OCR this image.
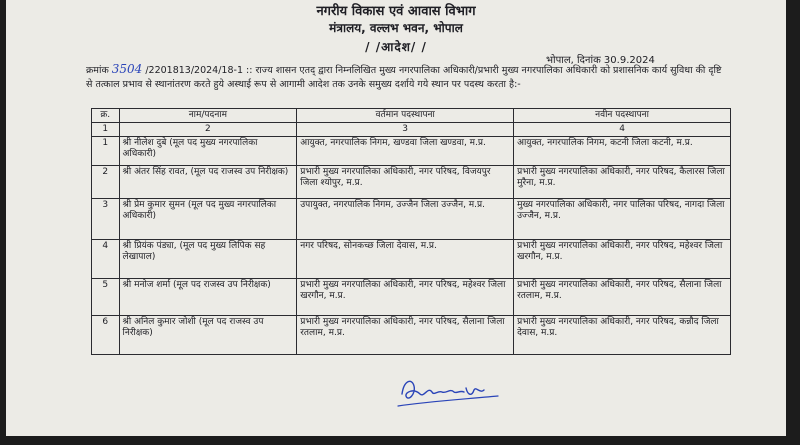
नगरीय विकास एवं आवास विभाग
मंत्रालय, वल्लभ भवन, भोपाल
/ /आदेश/ /
भोपाल, दिनांक 30.9.2024
क्रमांक 3504 /2201813/2024/18-1 :: राज्य शासन एतद् द्वारा निम्नलिखित मुख्य नगरपालिका अधिकारी/प्रभारी मुख्य नगरपालिका अधिकारी को प्रशासनिक कार्य सुविधा की दृष्टि से तत्काल प्रभाव से स्थानांतरण करते हुये अस्थाई रूप से आगामी आदेश तक उनके समुख्य दर्शाये गये स्थान पर पदस्थ करता है:-
क्र.	नाम/पदनाम	वर्तमान पदस्थापना	नवीन पदस्थापना
1	2	3	4
1	श्री नीलेश दुबे (मूल पद मुख्य नगरपालिका अधिकारी)	आयुक्त, नगरपालिक निगम, खण्डवा जिला खण्डवा, म.प्र.	आयुक्त, नगरपालिक निगम, कटनी जिला कटनी, म.प्र.
2	श्री अंतर सिंह रावत, (मूल पद राजस्व उप निरीक्षक)	प्रभारी मुख्य नगरपालिका अधिकारी, नगर परिषद, विजयपुर जिला श्योपुर, म.प्र.	प्रभारी मुख्य नगरपालिका अधिकारी, नगर परिषद, कैलारस जिला मुरैना, म.प्र.
3	श्री प्रेम कुमार सुमन (मूल पद मुख्य नगरपालिका अधिकारी)	उपायुक्त, नगरपालिक निगम, उज्जैन जिला उज्जैन, म.प्र.	मुख्य नगरपालिका अधिकारी, नगर पालिका परिषद, नागदा जिला उज्जैन, म.प्र.
4	श्री प्रियंक पंड्या, (मूल पद मुख्य लिपिक सह लेखापाल)	नगर परिषद, सोनकच्छ जिला देवास, म.प्र.	प्रभारी मुख्य नगरपालिका अधिकारी, नगर परिषद, महेश्वर जिला खरगौन, म.प्र.
5	श्री मनोज शर्मा (मूल पद राजस्व उप निरीक्षक)	प्रभारी मुख्य नगरपालिका अधिकारी, नगर परिषद, महेश्वर जिला खरगौन, म.प्र.	प्रभारी मुख्य नगरपालिका अधिकारी, नगर परिषद, सैलाना जिला रतलाम, म.प्र.
6	श्री अनिल कुमार जोशी (मूल पद राजस्व उप निरीक्षक)	प्रभारी मुख्य नगरपालिका अधिकारी, नगर परिषद, सैलाना जिला रतलाम, म.प्र.	प्रभारी मुख्य नगरपालिका अधिकारी, नगर परिषद, कन्नौद जिला देवास, म.प्र.
